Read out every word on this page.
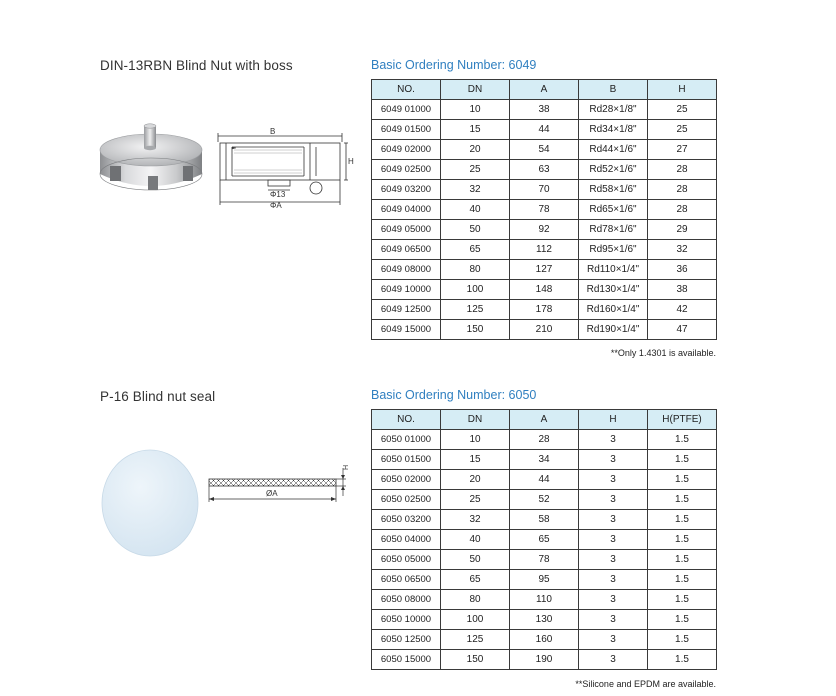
DIN-13RBN Blind Nut with boss	Basic Ordering Number: 6049
B
H
Φ13
ΦA
NO.	DN	A	B	H
6049 01000	10	38	Rd28×1/8"	25
6049 01500	15	44	Rd34×1/8"	25
6049 02000	20	54	Rd44×1/6"	27
6049 02500	25	63	Rd52×1/6"	28
6049 03200	32	70	Rd58×1/6"	28
6049 04000	40	78	Rd65×1/6"	28
6049 05000	50	92	Rd78×1/6"	29
6049 06500	65	112	Rd95×1/6"	32
6049 08000	80	127	Rd110×1/4"	36
6049 10000	100	148	Rd130×1/4"	38
6049 12500	125	178	Rd160×1/4"	42
6049 15000	150	210	Rd190×1/4"	47
**Only 1.4301 is available.
P-16 Blind nut seal	Basic Ordering Number: 6050
H
ØA
NO.	DN	A	H	H(PTFE)
6050 01000	10	28	3	1.5
6050 01500	15	34	3	1.5
6050 02000	20	44	3	1.5
6050 02500	25	52	3	1.5
6050 03200	32	58	3	1.5
6050 04000	40	65	3	1.5
6050 05000	50	78	3	1.5
6050 06500	65	95	3	1.5
6050 08000	80	110	3	1.5
6050 10000	100	130	3	1.5
6050 12500	125	160	3	1.5
6050 15000	150	190	3	1.5
**Silicone and EPDM are available.
